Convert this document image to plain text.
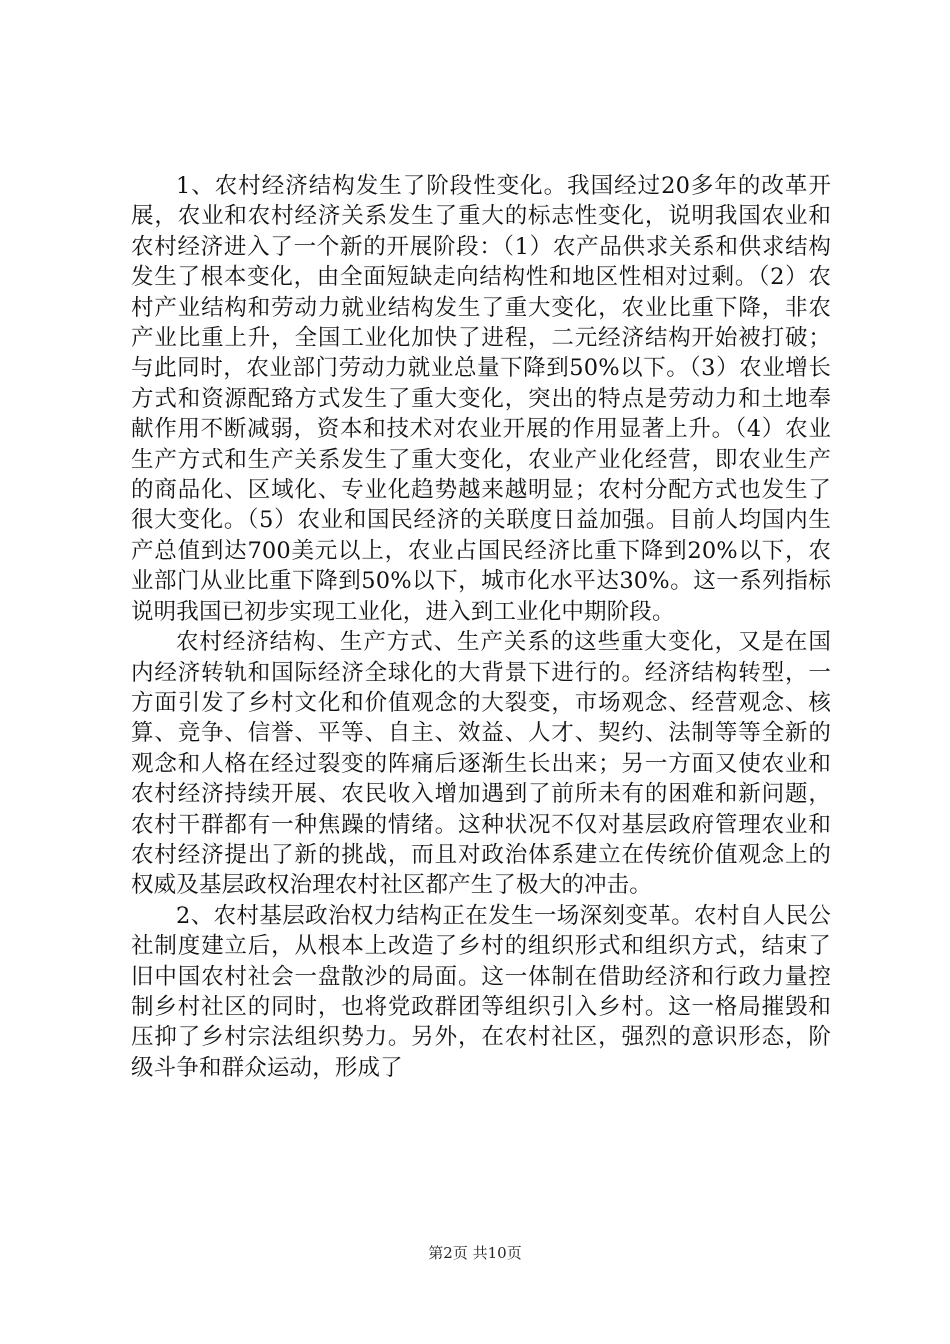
1、农村经济结构发生了阶段性变化。我国经过20多年的改革开展，农业和农村经济关系发生了重大的标志性变化，说明我国农业和农村经济进入了一个新的开展阶段：（1）农产品供求关系和供求结构发生了根本变化，由全面短缺走向结构性和地区性相对过剩。（2）农村产业结构和劳动力就业结构发生了重大变化，农业比重下降，非农产业比重上升，全国工业化加快了进程，二元经济结构开始被打破；与此同时，农业部门劳动力就业总量下降到50%以下。（3）农业增长方式和资源配臵方式发生了重大变化，突出的特点是劳动力和土地奉献作用不断减弱，资本和技术对农业开展的作用显著上升。（4）农业生产方式和生产关系发生了重大变化，农业产业化经营，即农业生产的商品化、区域化、专业化趋势越来越明显；农村分配方式也发生了很大变化。（5）农业和国民经济的关联度日益加强。目前人均国内生产总值到达700美元以上，农业占国民经济比重下降到20%以下，农业部门从业比重下降到50%以下，城市化水平达30%。这一系列指标说明我国已初步实现工业化，进入到工业化中期阶段。

农村经济结构、生产方式、生产关系的这些重大变化，又是在国内经济转轨和国际经济全球化的大背景下进行的。经济结构转型，一方面引发了乡村文化和价值观念的大裂变，市场观念、经营观念、核算、竞争、信誉、平等、自主、效益、人才、契约、法制等等全新的观念和人格在经过裂变的阵痛后逐渐生长出来；另一方面又使农业和农村经济持续开展、农民收入增加遇到了前所未有的困难和新问题，农村干群都有一种焦躁的情绪。这种状况不仅对基层政府管理农业和农村经济提出了新的挑战，而且对政治体系建立在传统价值观念上的权威及基层政权治理农村社区都产生了极大的冲击。

2、农村基层政治权力结构正在发生一场深刻变革。农村自人民公社制度建立后，从根本上改造了乡村的组织形式和组织方式，结束了旧中国农村社会一盘散沙的局面。这一体制在借助经济和行政力量控制乡村社区的同时，也将党政群团等组织引入乡村。这一格局摧毁和压抑了乡村宗法组织势力。另外，在农村社区，强烈的意识形态，阶级斗争和群众运动，形成了

第2页 共10页
